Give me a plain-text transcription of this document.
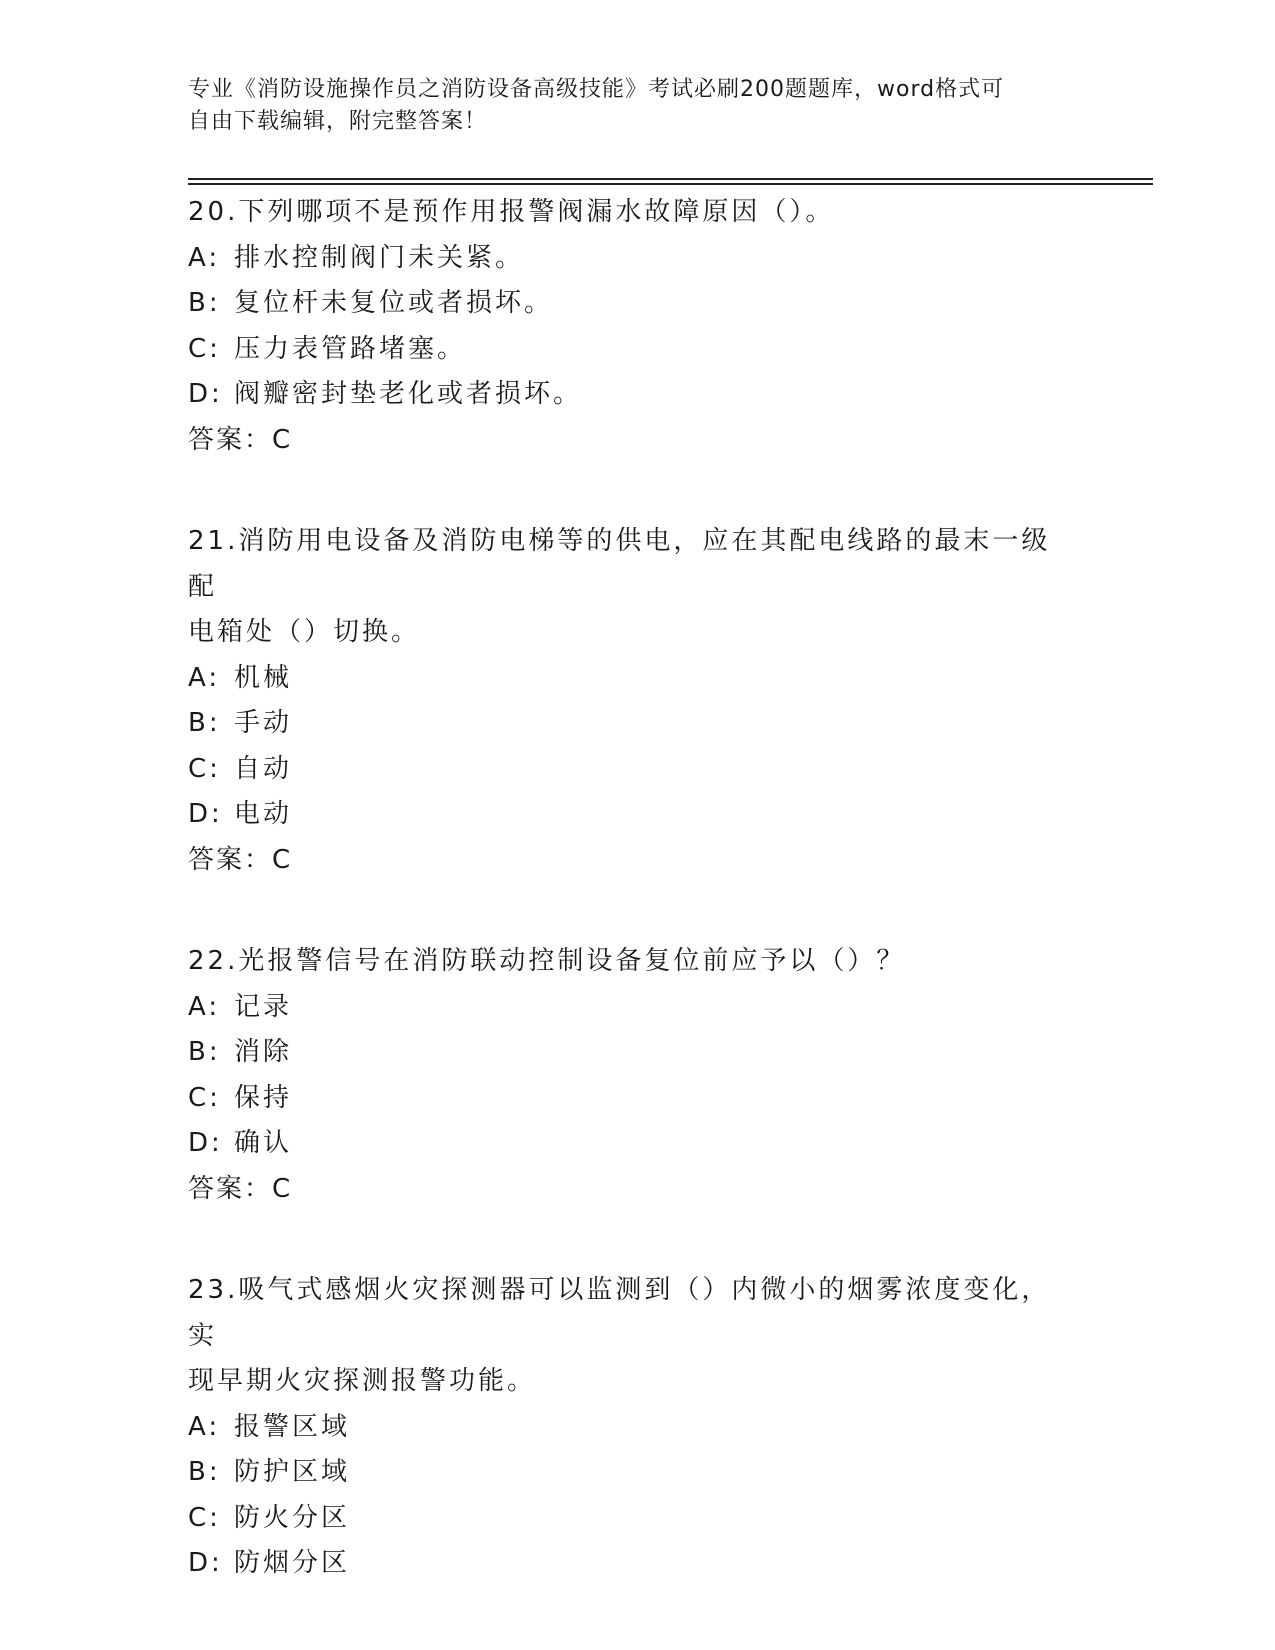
专业《消防设施操作员之消防设备高级技能》考试必刷200题题库，word格式可
自由下载编辑，附完整答案！
20.下列哪项不是预作用报警阀漏水故障原因（）。
A: 排水控制阀门未关紧。
B: 复位杆未复位或者损坏。
C: 压力表管路堵塞。
D: 阀瓣密封垫老化或者损坏。
答案：C
21.消防用电设备及消防电梯等的供电，应在其配电线路的最末一级配
电箱处（）切换。
A: 机械
B: 手动
C: 自动
D: 电动
答案：C
22.光报警信号在消防联动控制设备复位前应予以（）？
A: 记录
B: 消除
C: 保持
D: 确认
答案：C
23.吸气式感烟火灾探测器可以监测到（）内微小的烟雾浓度变化，实
现早期火灾探测报警功能。
A: 报警区域
B: 防护区域
C: 防火分区
D: 防烟分区
